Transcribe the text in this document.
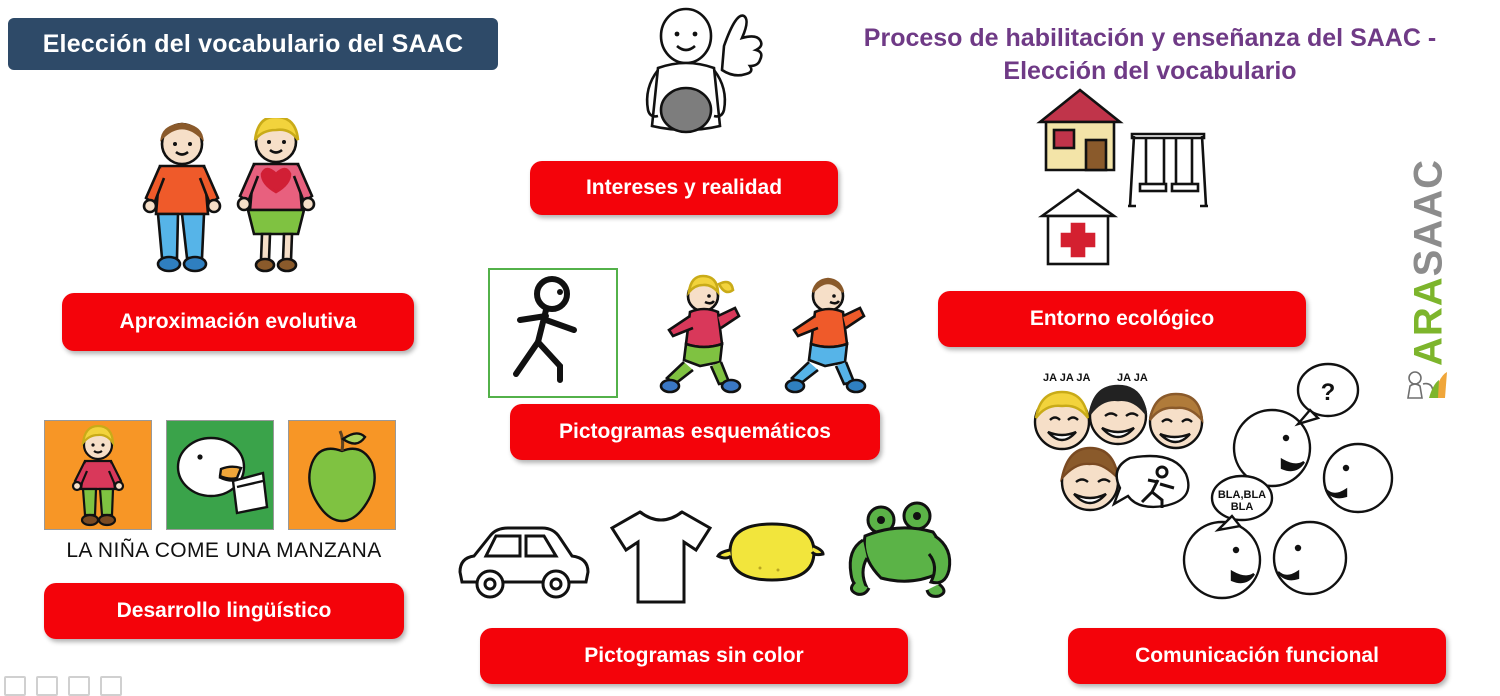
Elección del vocabulario del SAAC	Proceso de habilitación y enseñanza del SAAC - Elección del vocabulario
Aproximación evolutiva
LA NIÑA COME UNA MANZANA
Desarrollo lingüístico
Intereses y realidad
Pictogramas esquemáticos
Pictogramas sin color
Entorno ecológico
?
JA JA JA JA JA
BLA,BLA BLA
Comunicación funcional
ARASAAC
